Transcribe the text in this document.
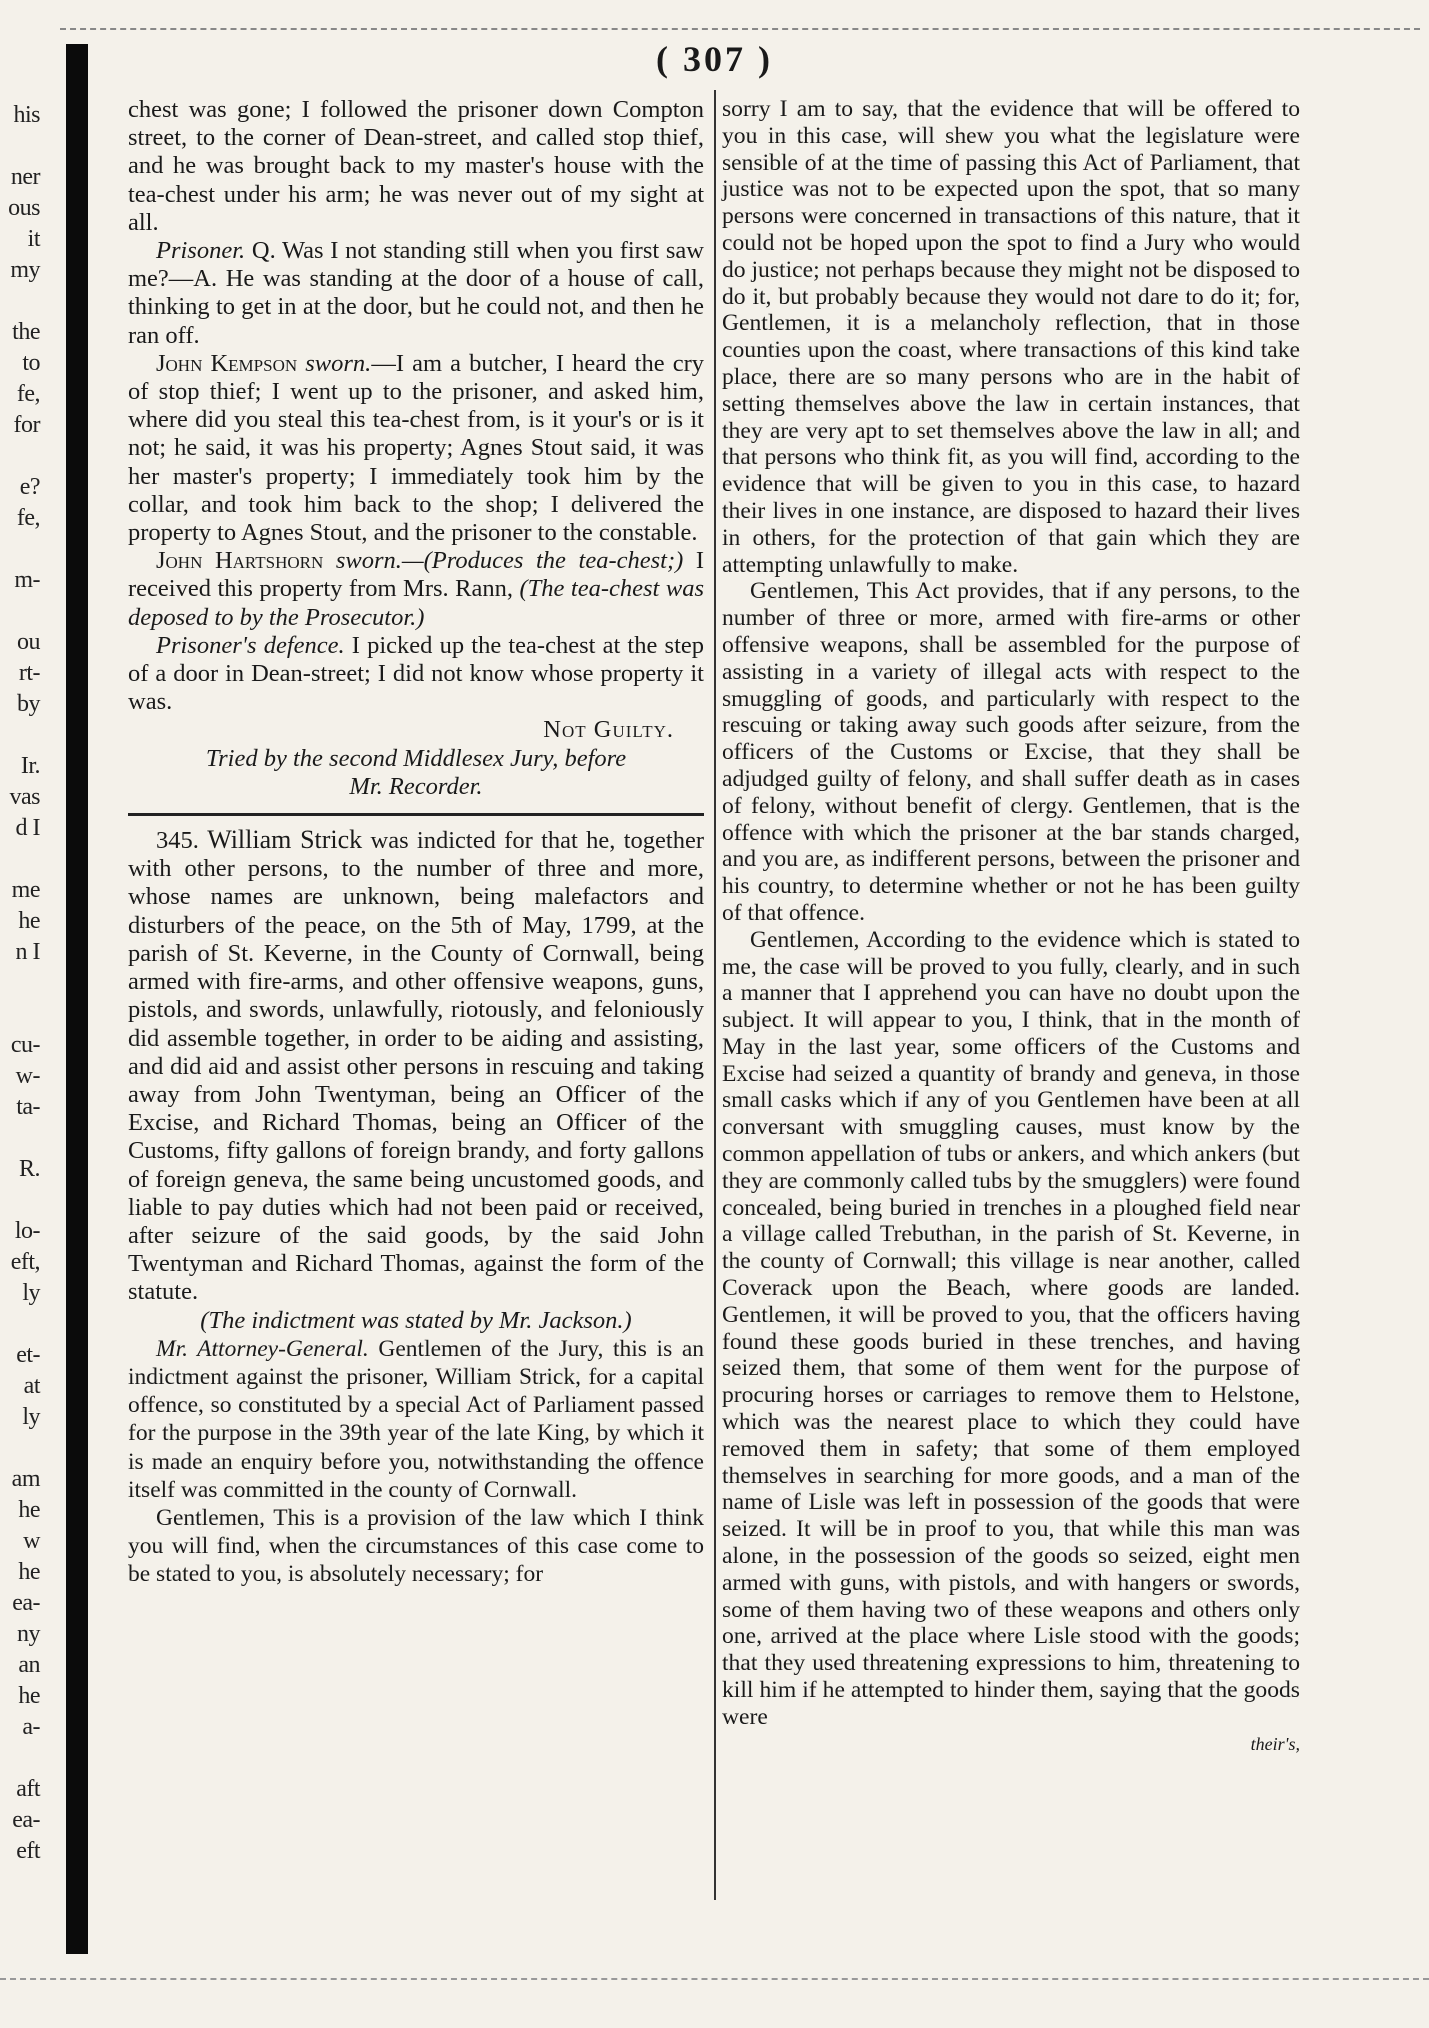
his
ner
ous
it
my
the
to
fe,
for
e?
fe,
m-
ou
rt-
by
Ir.
vas
d I
me
he
n I
cu-
w-
ta-
R.
lo-
eft,
ly
et-
at
ly
am
he
w
he
ea-
ny
an
he
a-
aft
ea-
eft
( 307 )

chest was gone; I followed the prisoner down Compton street, to the corner of Dean-street, and called stop thief, and he was brought back to my master's house with the tea-chest under his arm; he was never out of my sight at all.

Prisoner. Q. Was I not standing still when you first saw me?—A. He was standing at the door of a house of call, thinking to get in at the door, but he could not, and then he ran off.

John Kempson sworn.—I am a butcher, I heard the cry of stop thief; I went up to the prisoner, and asked him, where did you steal this tea-chest from, is it your's or is it not; he said, it was his property; Agnes Stout said, it was her master's property; I immediately took him by the collar, and took him back to the shop; I delivered the property to Agnes Stout, and the prisoner to the constable.

John Hartshorn sworn.—(Produces the tea-chest;) I received this property from Mrs. Rann, (The tea-chest was deposed to by the Prosecutor.)

Prisoner's defence. I picked up the tea-chest at the step of a door in Dean-street; I did not know whose property it was.

Not Guilty.

Tried by the second Middlesex Jury, before

Mr. Recorder.

345. William Strick was indicted for that he, together with other persons, to the number of three and more, whose names are unknown, being malefactors and disturbers of the peace, on the 5th of May, 1799, at the parish of St. Keverne, in the County of Cornwall, being armed with fire-arms, and other offensive weapons, guns, pistols, and swords, unlawfully, riotously, and feloniously did assemble together, in order to be aiding and assisting, and did aid and assist other persons in rescuing and taking away from John Twentyman, being an Officer of the Excise, and Richard Thomas, being an Officer of the Customs, fifty gallons of foreign brandy, and forty gallons of foreign geneva, the same being uncustomed goods, and liable to pay duties which had not been paid or received, after seizure of the said goods, by the said John Twentyman and Richard Thomas, against the form of the statute.

(The indictment was stated by Mr. Jackson.)

Mr. Attorney-General. Gentlemen of the Jury, this is an indictment against the prisoner, William Strick, for a capital offence, so constituted by a special Act of Parliament passed for the purpose in the 39th year of the late King, by which it is made an enquiry before you, notwithstanding the offence itself was committed in the county of Cornwall.

Gentlemen, This is a provision of the law which I think you will find, when the circumstances of this case come to be stated to you, is absolutely necessary; for

sorry I am to say, that the evidence that will be offered to you in this case, will shew you what the legislature were sensible of at the time of passing this Act of Parliament, that justice was not to be expected upon the spot, that so many persons were concerned in transactions of this nature, that it could not be hoped upon the spot to find a Jury who would do justice; not perhaps because they might not be disposed to do it, but probably because they would not dare to do it; for, Gentlemen, it is a melancholy reflection, that in those counties upon the coast, where transactions of this kind take place, there are so many persons who are in the habit of setting themselves above the law in certain instances, that they are very apt to set themselves above the law in all; and that persons who think fit, as you will find, according to the evidence that will be given to you in this case, to hazard their lives in one instance, are disposed to hazard their lives in others, for the protection of that gain which they are attempting unlawfully to make.

Gentlemen, This Act provides, that if any persons, to the number of three or more, armed with fire-arms or other offensive weapons, shall be assembled for the purpose of assisting in a variety of illegal acts with respect to the smuggling of goods, and particularly with respect to the rescuing or taking away such goods after seizure, from the officers of the Customs or Excise, that they shall be adjudged guilty of felony, and shall suffer death as in cases of felony, without benefit of clergy. Gentlemen, that is the offence with which the prisoner at the bar stands charged, and you are, as indifferent persons, between the prisoner and his country, to determine whether or not he has been guilty of that offence.

Gentlemen, According to the evidence which is stated to me, the case will be proved to you fully, clearly, and in such a manner that I apprehend you can have no doubt upon the subject. It will appear to you, I think, that in the month of May in the last year, some officers of the Customs and Excise had seized a quantity of brandy and geneva, in those small casks which if any of you Gentlemen have been at all conversant with smuggling causes, must know by the common appellation of tubs or ankers, and which ankers (but they are commonly called tubs by the smugglers) were found concealed, being buried in trenches in a ploughed field near a village called Trebuthan, in the parish of St. Keverne, in the county of Cornwall; this village is near another, called Coverack upon the Beach, where goods are landed. Gentlemen, it will be proved to you, that the officers having found these goods buried in these trenches, and having seized them, that some of them went for the purpose of procuring horses or carriages to remove them to Helstone, which was the nearest place to which they could have removed them in safety; that some of them employed themselves in searching for more goods, and a man of the name of Lisle was left in possession of the goods that were seized. It will be in proof to you, that while this man was alone, in the possession of the goods so seized, eight men armed with guns, with pistols, and with hangers or swords, some of them having two of these weapons and others only one, arrived at the place where Lisle stood with the goods; that they used threatening expressions to him, threatening to kill him if he attempted to hinder them, saying that the goods were

their's,
